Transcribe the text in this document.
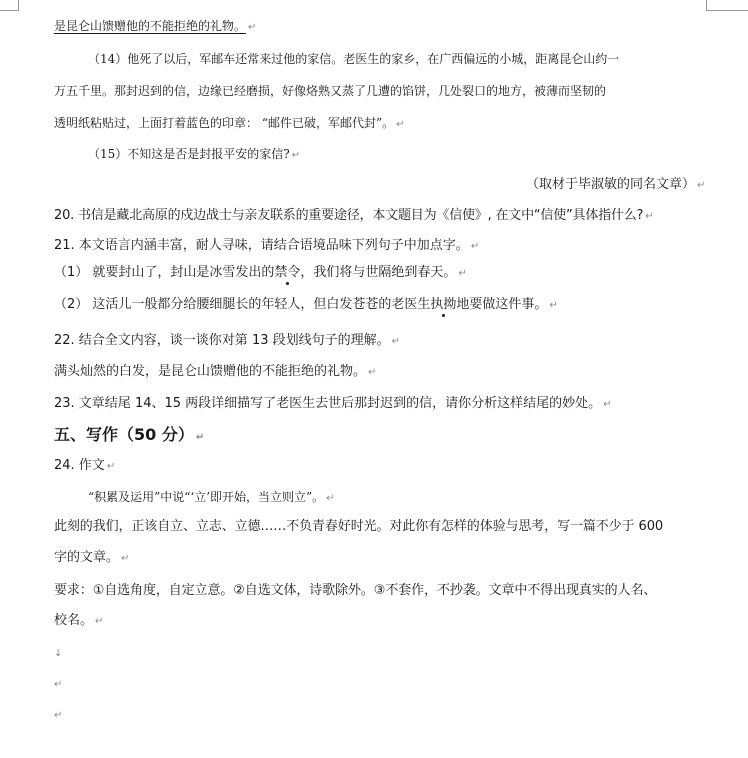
是昆仑山馈赠他的不能拒绝的礼物。 ↵
（14）他死了以后，军邮车还常来过他的家信。老医生的家乡，在广西偏远的小城，距离昆仑山约一
万五千里。那封迟到的信，边缘已经磨损，好像烙熟又蒸了几遭的馅饼，几处裂口的地方，被薄而坚韧的
透明纸粘贴过，上面打着蓝色的印章： “邮件已破，军邮代封”。 ↵
（15）不知这是否是封报平安的家信? ↵
（取材于毕淑敏的同名文章） ↵
20. 书信是藏北高原的戍边战士与亲友联系的重要途径，本文题目为《信使》, 在文中“信使”具体指什么? ↵
21. 本文语言内涵丰富，耐人寻味，请结合语境品味下列句子中加点字。 ↵
（1） 就要封山了，封山是冰雪发出的禁令，我们将与世隔绝到春天。 ↵
（2） 这活儿一般都分给腰细腿长的年轻人，但白发苍苍的老医生执拗地要做这件事。 ↵
22. 结合全文内容，谈一谈你对第 13 段划线句子的理解。 ↵
满头灿然的白发，是昆仑山馈赠他的不能拒绝的礼物。 ↵
23. 文章结尾 14、15 两段详细描写了老医生去世后那封迟到的信，请你分析这样结尾的妙处。 ↵
五、写作（50 分） ↵
24. 作文 ↵
“积累及运用”中说“‘立’即开始，当立则立”。 ↵
此刻的我们，正该自立、立志、立德……不负青春好时光。对此你有怎样的体验与思考，写一篇不少于 600
字的文章。 ↵
要求：①自选角度，自定立意。②自选文体，诗歌除外。③不套作，不抄袭。文章中不得出现真实的人名、
校名。 ↵
↓
↵
↵
